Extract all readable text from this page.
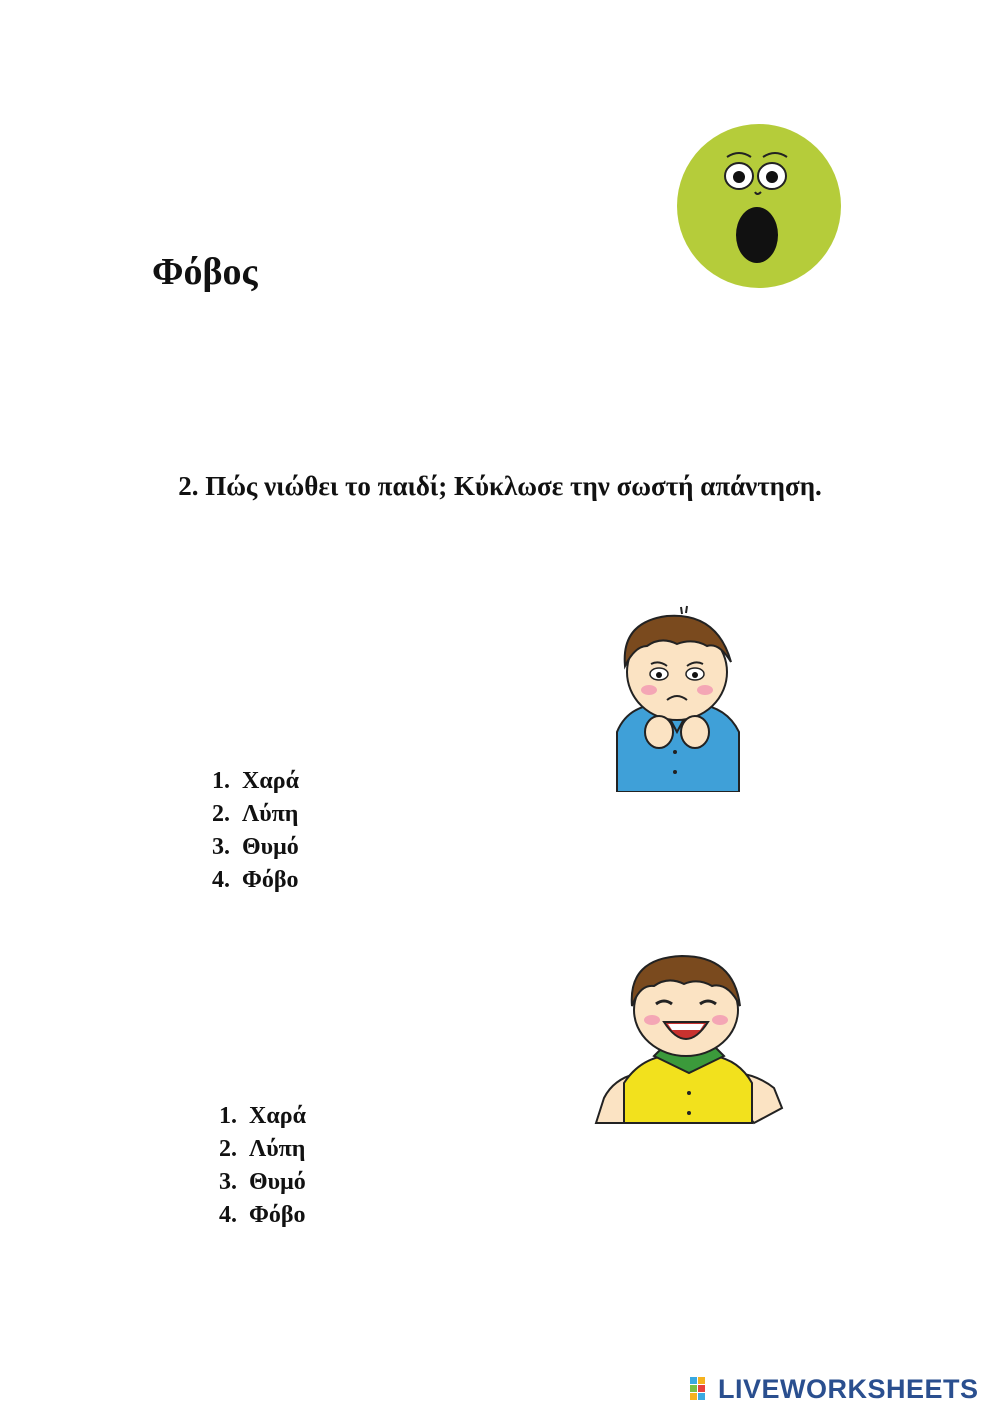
Φόβος
2. Πώς νιώθει το παιδί; Κύκλωσε την σωστή απάντηση.
1. Χαρά
2. Λύπη
3. Θυμό
4. Φόβο
1. Χαρά
2. Λύπη
3. Θυμό
4. Φόβο
LIVEWORKSHEETS
